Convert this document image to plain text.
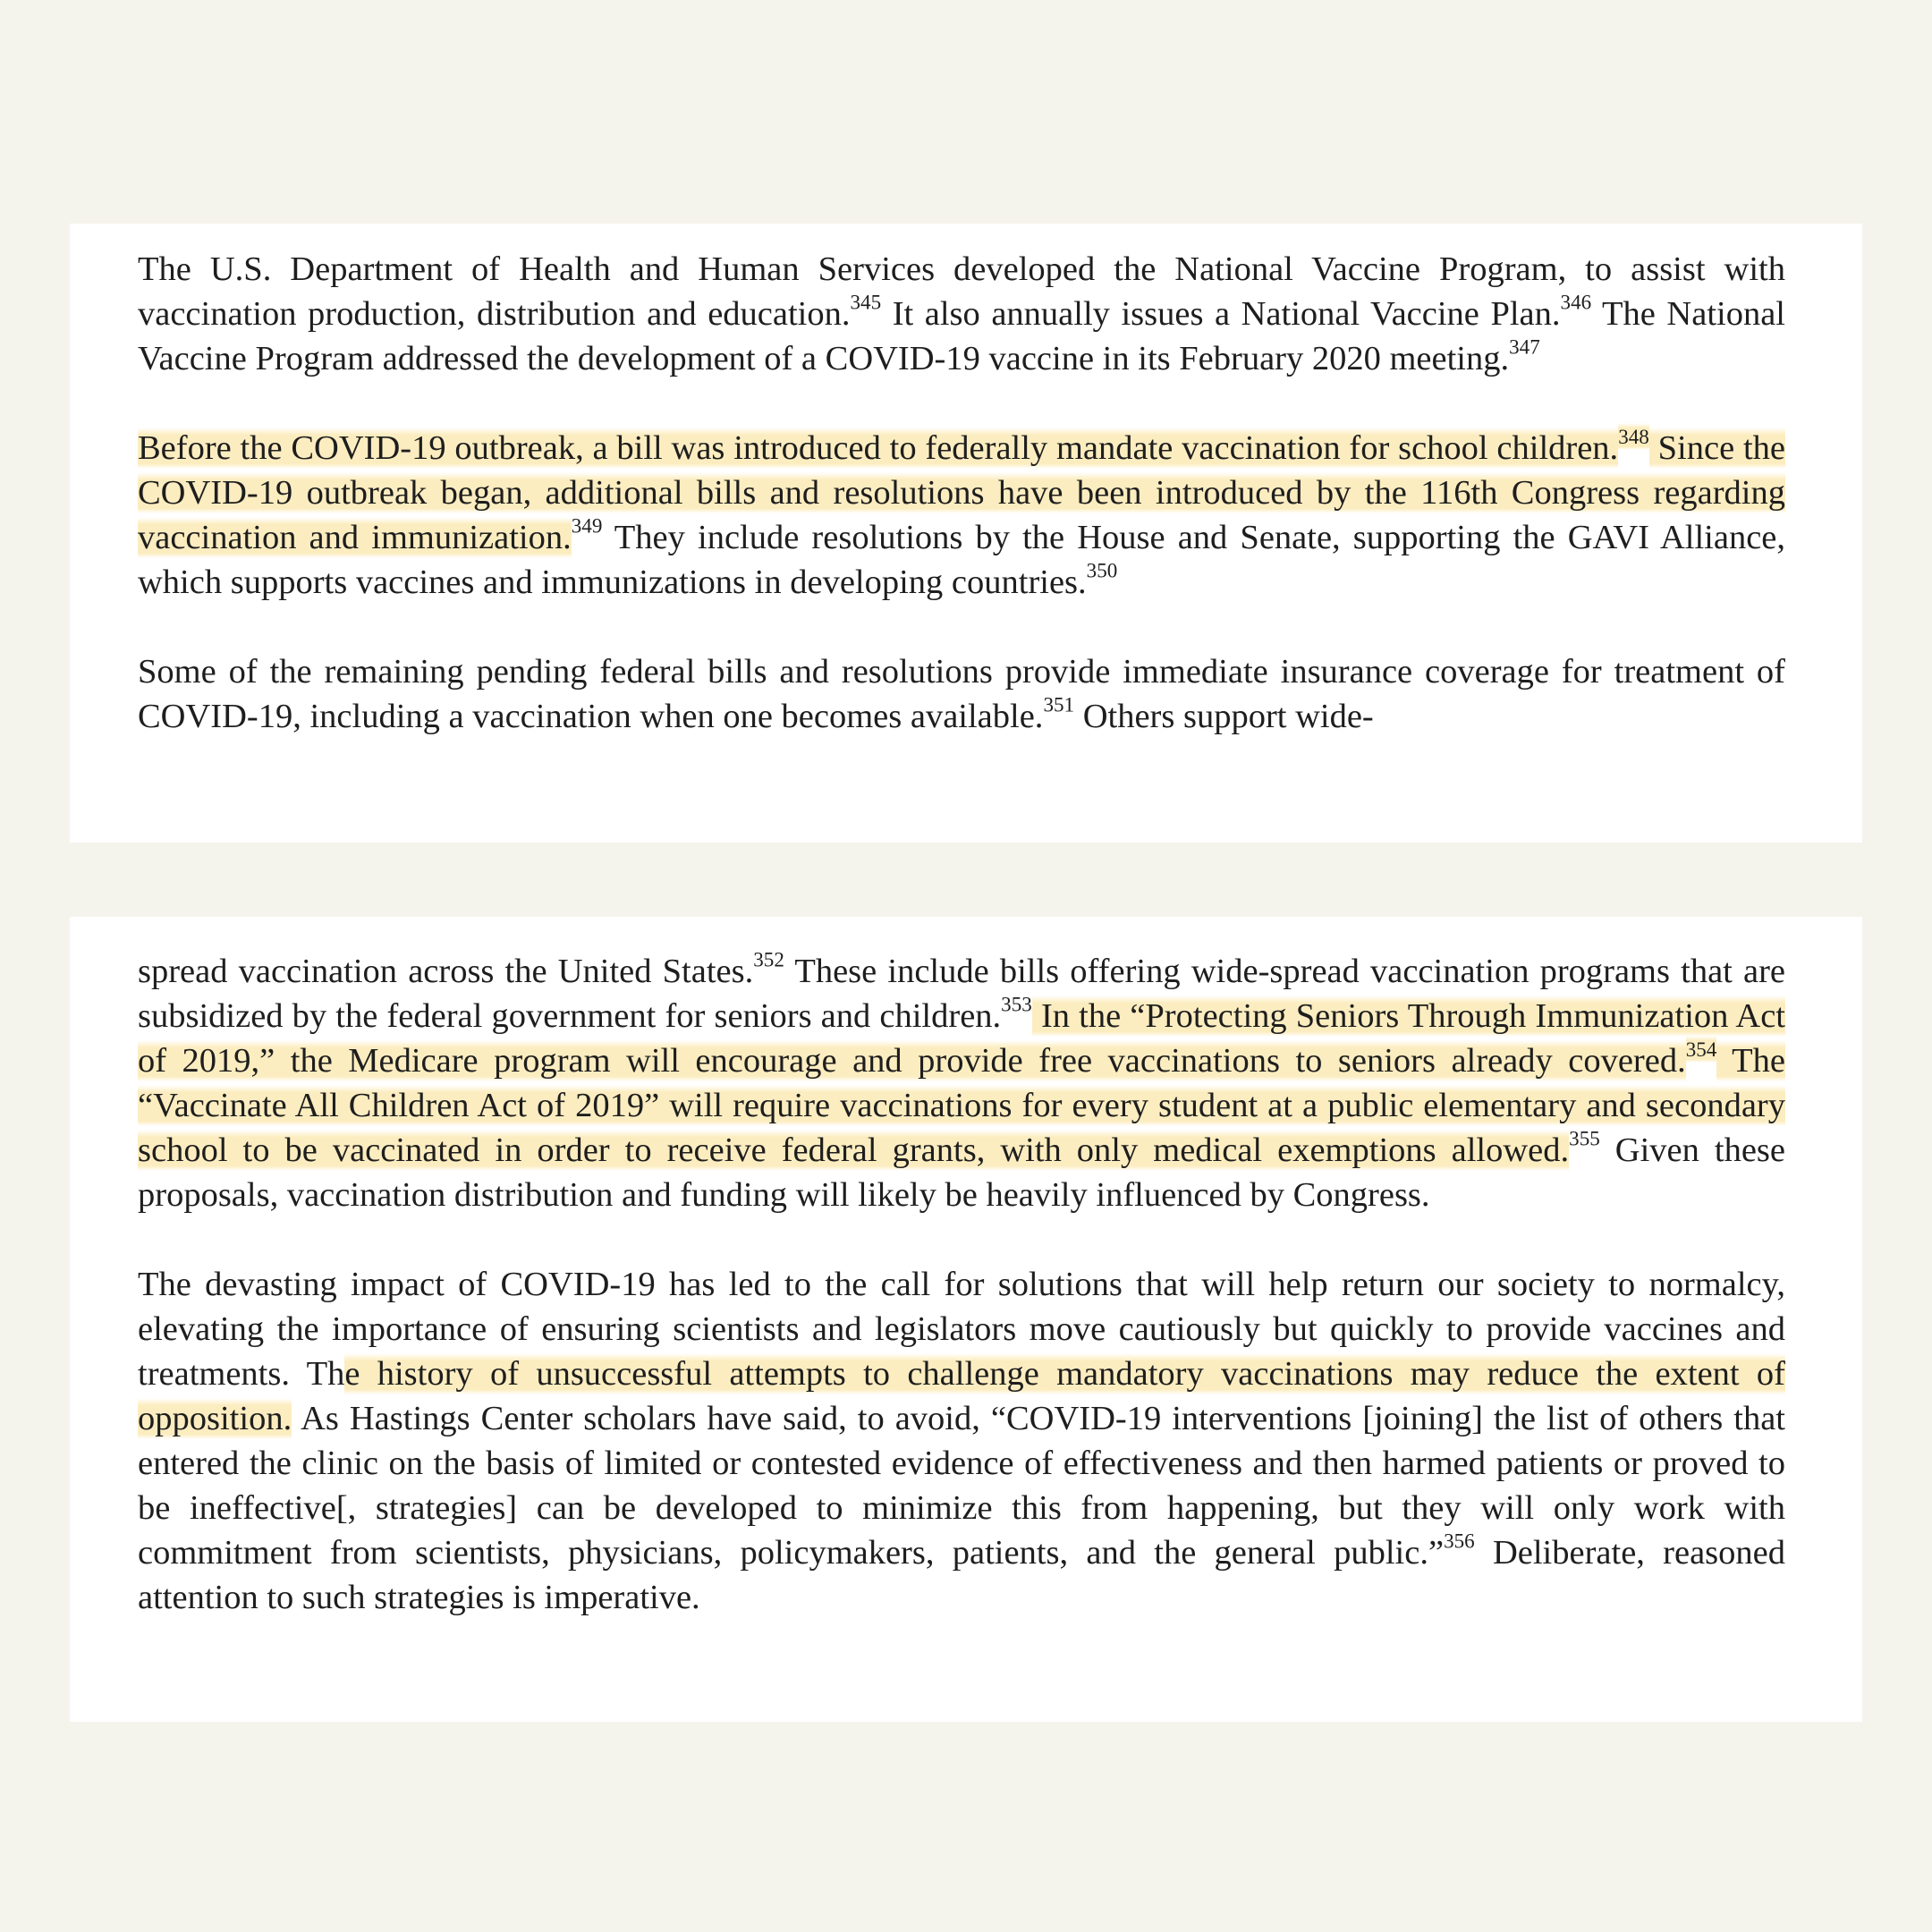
The U.S. Department of Health and Human Services developed the National Vaccine Program, to assist with vaccination production, distribution and education.$^{345}$ It also annually issues a National Vaccine Plan.$^{346}$ The National Vaccine Program addressed the development of a COVID-19 vaccine in its February 2020 meeting.$^{347}$

Before the COVID-19 outbreak, a bill was introduced to federally mandate vaccination for school children.$^{348}$ Since the COVID-19 outbreak began, additional bills and resolutions have been introduced by the 116th Congress regarding vaccination and immunization.$^{349}$ They include resolutions by the House and Senate, supporting the GAVI Alliance, which supports vaccines and immunizations in developing countries.$^{350}$

Some of the remaining pending federal bills and resolutions provide immediate insurance coverage for treatment of COVID-19, including a vaccination when one becomes available.$^{351}$ Others support wide-

spread vaccination across the United States.$^{352}$ These include bills offering wide-spread vaccination programs that are subsidized by the federal government for seniors and children.$^{353}$ In the “Protecting Seniors Through Immunization Act of 2019,” the Medicare program will encourage and provide free vaccinations to seniors already covered.$^{354}$ The “Vaccinate All Children Act of 2019” will require vaccinations for every student at a public elementary and secondary school to be vaccinated in order to receive federal grants, with only medical exemptions allowed.$^{355}$ Given these proposals, vaccination distribution and funding will likely be heavily influenced by Congress.

The devasting impact of COVID-19 has led to the call for solutions that will help return our society to normalcy, elevating the importance of ensuring scientists and legislators move cautiously but quickly to provide vaccines and treatments. The history of unsuccessful attempts to challenge mandatory vaccinations may reduce the extent of opposition. As Hastings Center scholars have said, to avoid, “COVID-19 interventions [joining] the list of others that entered the clinic on the basis of limited or contested evidence of effectiveness and then harmed patients or proved to be ineffective[, strategies] can be developed to minimize this from happening, but they will only work with commitment from scientists, physicians, policymakers, patients, and the general public.”$^{356}$ Deliberate, reasoned attention to such strategies is imperative.
